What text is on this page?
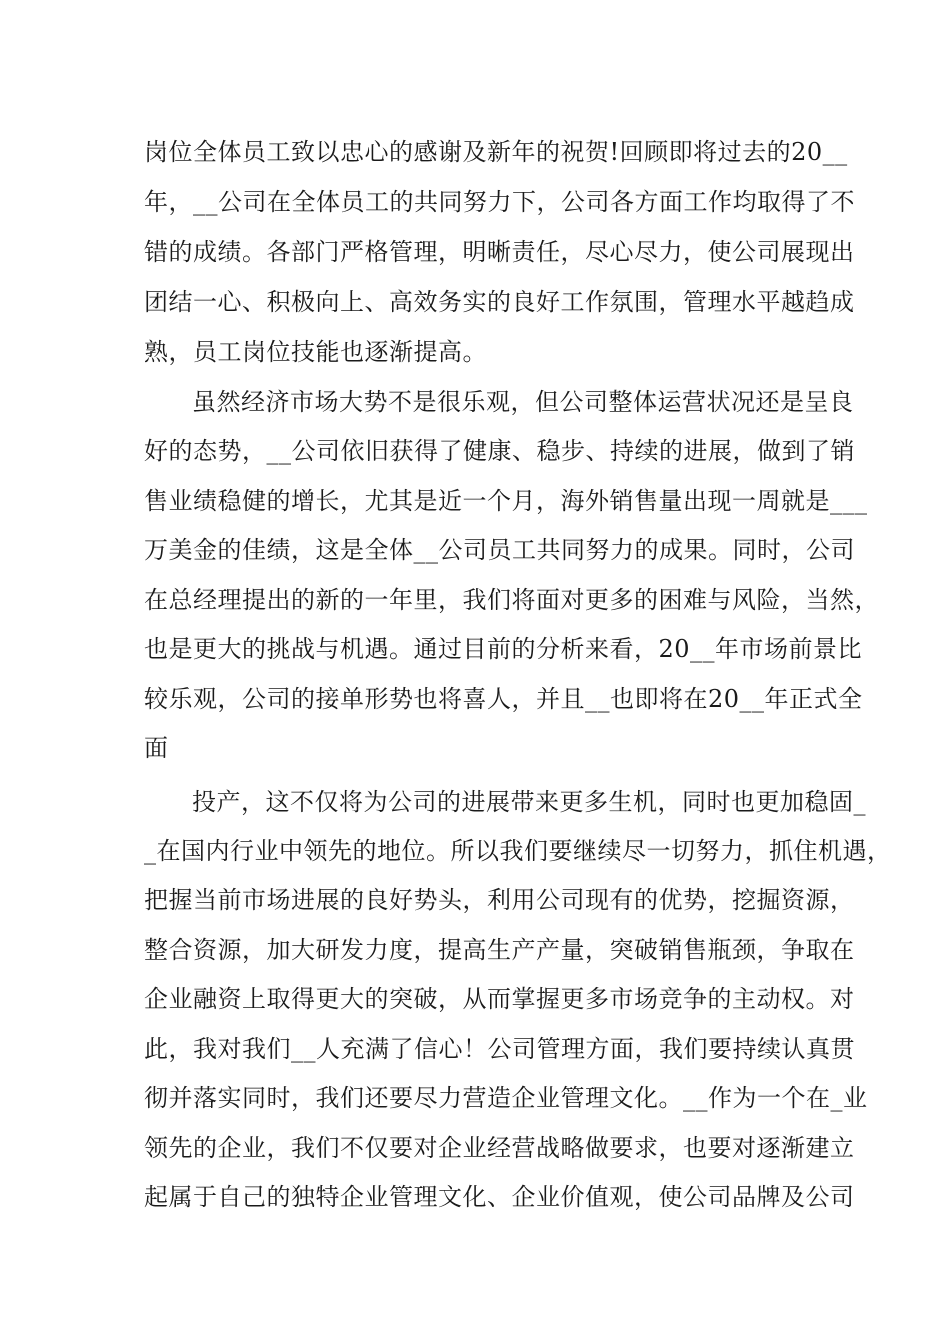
岗位全体员工致以忠心的感谢及新年的祝贺!回顾即将过去的20__
年，__公司在全体员工的共同努力下，公司各方面工作均取得了不
错的成绩。各部门严格管理，明晰责任，尽心尽力，使公司展现出
团结一心、积极向上、高效务实的良好工作氛围，管理水平越趋成
熟，员工岗位技能也逐渐提高。
虽然经济市场大势不是很乐观，但公司整体运营状况还是呈良
好的态势，__公司依旧获得了健康、稳步、持续的进展，做到了销
售业绩稳健的增长，尤其是近一个月，海外销售量出现一周就是___
万美金的佳绩，这是全体__公司员工共同努力的成果。同时，公司
在总经理提出的新的一年里，我们将面对更多的困难与风险，当然，
也是更大的挑战与机遇。通过目前的分析来看，20__年市场前景比
较乐观，公司的接单形势也将喜人，并且__也即将在20__年正式全
面
投产，这不仅将为公司的进展带来更多生机，同时也更加稳固_
_在国内行业中领先的地位。所以我们要继续尽一切努力，抓住机遇，
把握当前市场进展的良好势头，利用公司现有的优势，挖掘资源，
整合资源，加大研发力度，提高生产产量，突破销售瓶颈，争取在
企业融资上取得更大的突破，从而掌握更多市场竞争的主动权。对
此，我对我们__人充满了信心！公司管理方面，我们要持续认真贯
彻并落实同时，我们还要尽力营造企业管理文化。__作为一个在_业
领先的企业，我们不仅要对企业经营战略做要求，也要对逐渐建立
起属于自己的独特企业管理文化、企业价值观，使公司品牌及公司
